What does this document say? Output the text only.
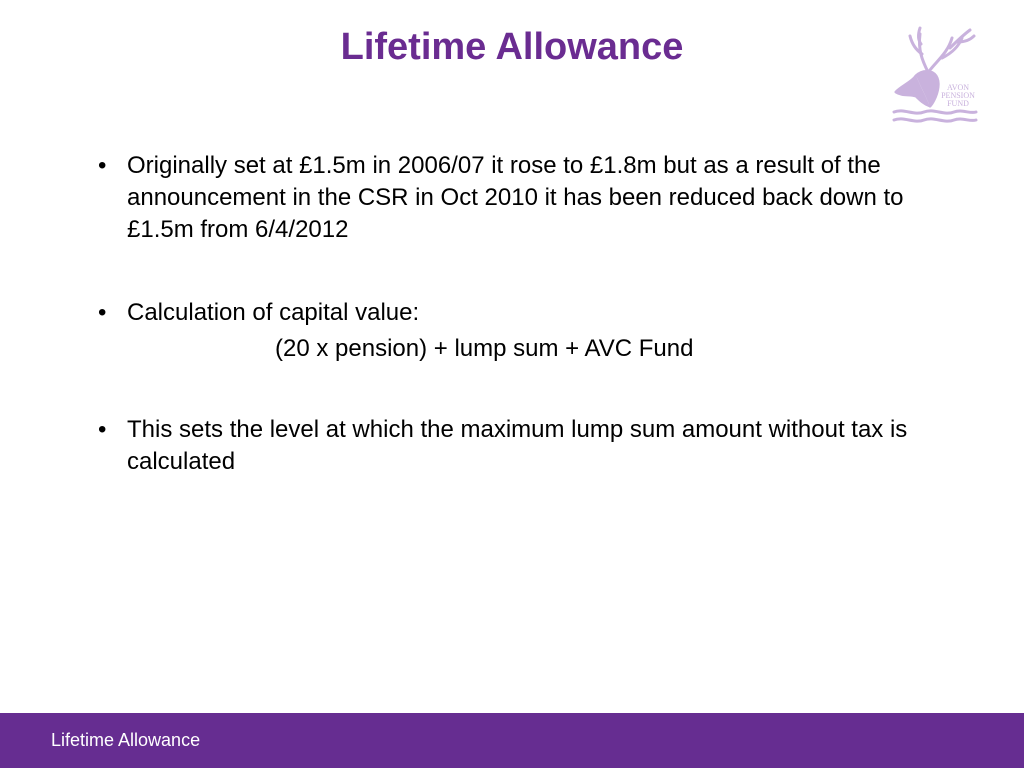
Lifetime Allowance
AVON
PENSION
FUND

• Originally set at £1.5m in 2006/07 it rose to £1.8m but as a result of the announcement in the CSR in Oct 2010 it has been reduced back down to £1.5m from 6/4/2012

• Calculation of capital value:

(20 x pension) + lump sum + AVC Fund

• This sets the level at which the maximum lump sum amount without tax is calculated

Lifetime Allowance
